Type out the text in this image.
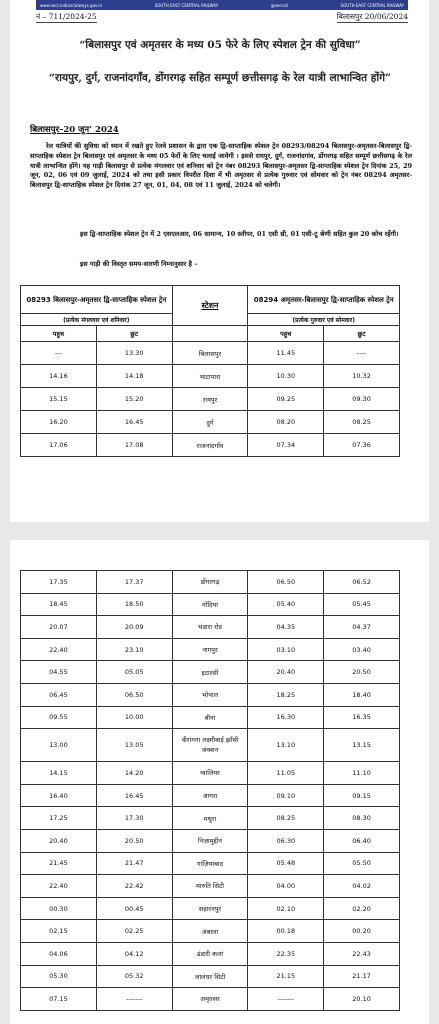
www.secr.indianrailways.gov.in	SOUTH EAST CENTRAL RAILWAY	@secrail	SOUTH EAST CENTRAL RAILWAY
नं – 711/2024-25	बिलासपुर 20/06/2024
“बिलासपुर एवं अमृतसर के मध्य 05 फेरे के लिए स्पेशल ट्रेन की सुविधा”
“रायपुर, दुर्ग, राजनांदगाँव, डोंगरगढ़ सहित सम्पूर्ण छत्तीसगढ़ के रेल यात्री लाभान्वित होंगे”
बिलासपुर–20 जून’ 2024
रेल यात्रियों की सुविधा को ध्यान में रखते हुए रेलवे प्रशासन के द्वारा एक द्वि-साप्ताहिक स्पेशल ट्रेन 08293/08294 बिलासपुर-अमृतसर-बिलासपुर द्वि-साप्ताहिक स्पेशल ट्रेन बिलासपुर एवं अमृतसर के मध्य 05 फेरों के लिए चलाई जायेगी । इससे रायपुर, दुर्ग, राजनांदगांव, डोंगरगढ़ सहित सम्पूर्ण छत्तीसगढ़ के रेल यात्री लाभान्वित होंगे। यह गाड़ी बिलासपुर से प्रत्येक मंगलवार एवं शनिवार को ट्रेन नंबर 08293 बिलासपुर-अमृतसर द्वि-साप्ताहिक स्पेशल ट्रेन दिनांक 25, 29 जून, 02, 06 एवं 09 जुलाई, 2024 को तथा इसी प्रकार विपरीत दिशा में भी अमृतसर से प्रत्येक गुरुवार एवं सोमवार को ट्रेन नंबर 08294 अमृतसर-बिलासपुर द्वि-साप्ताहिक स्पेशल ट्रेन दिनांक 27 जून, 01, 04, 08 एवं 11 जुलाई, 2024 को चलेगी।
इस द्वि-साप्ताहिक स्पेशल ट्रेन में 2 एसएलआर, 06 सामान्य, 10 स्लीपर, 01 एसी थ्री, 01 एसी-टू श्रेणी सहित कुल 20 कोच रहेंगी।
इस गाड़ी की विस्तृत समय-सारणी निम्नानुसार है –
08293 बिलासपुर-अमृतसर द्वि-साप्ताहिक स्पेशल ट्रेन		स्टेशन	08294 अमृतसर-बिलासपुर द्वि-साप्ताहिक स्पेशल ट्रेन	
(प्रत्येक मंगलवार एवं शनिवार)			(प्रत्येक गुरुवार एवं सोमवार)	
पहुच	छुट		पहुच	छुट
---	13.30	बिलासपुर	11.45	----
14.16	14.18	भाटापारा	10.30	10.32
15.15	15.20	रायपुर	09.25	09.30
16.20	16.45	दुर्ग	08.20	08.25
17.06	17.08	राजनांदगाँव	07.34	07.36
17.35	17.37	डोंगरगढ़	06.50	06.52
18.45	18.50	गोंदिया	05.40	05.45
20.07	20.09	भंडारा रोड	04.35	04.37
22.40	23.10	नागपुर	03.10	03.40
04.55	05.05	इटारसी	20.40	20.50
06.45	06.50	भोपाल	18.25	18.40
09.55	10.00	बीना	16.30	16.35
13.00	13.05	वीरांगना लक्ष्मीबाई झाँसी जंक्शन	13.10	13.15
14.15	14.20	ग्वालियर	11.05	11.10
16.40	16.45	आगरा	09.10	09.15
17.25	17.30	मथुरा	08.25	08.30
20.40	20.50	निज़ामुद्दीन	06.30	06.40
21.45	21.47	गाज़ियाबाद	05.48	05.50
22.40	22.42	मारुति सिटी	04.00	04.02
00.30	00.45	सहारनपुर	02.10	02.20
02.15	02.25	अंबाला	00.18	00.20
04.06	04.12	ढंडारी कलां	22.35	22.43
05.30	05.32	जालंधर सिटी	21.15	21.17
07.15	-------	अमृतसर	-------	20.10
